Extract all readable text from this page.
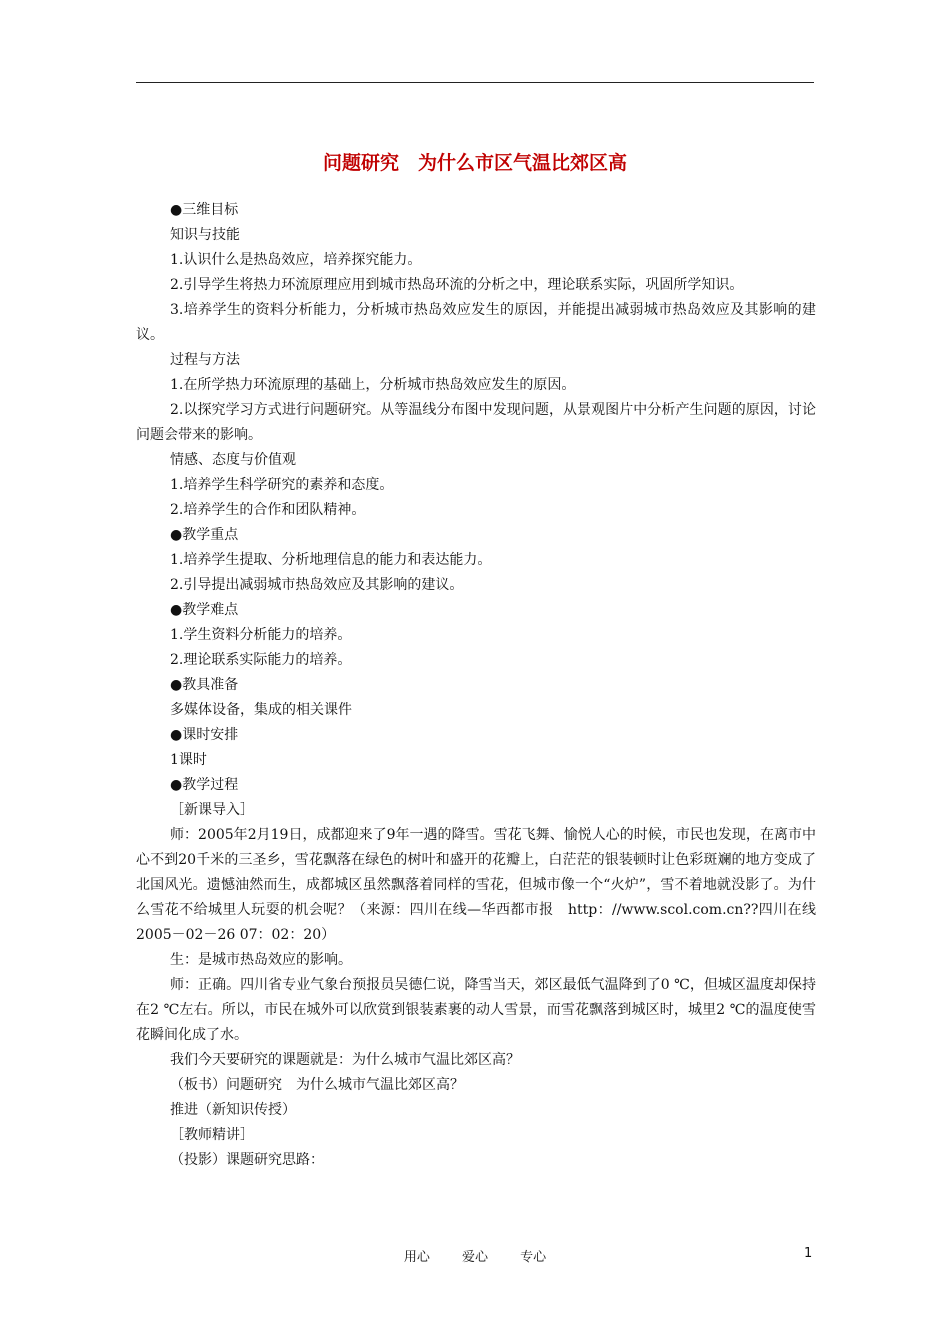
问题研究　为什么市区气温比郊区高

●三维目标

知识与技能

1.认识什么是热岛效应，培养探究能力。

2.引导学生将热力环流原理应用到城市热岛环流的分析之中，理论联系实际，巩固所学知识。

3.培养学生的资料分析能力，分析城市热岛效应发生的原因，并能提出减弱城市热岛效应及其影响的建议。

过程与方法

1.在所学热力环流原理的基础上，分析城市热岛效应发生的原因。

2.以探究学习方式进行问题研究。从等温线分布图中发现问题，从景观图片中分析产生问题的原因，讨论问题会带来的影响。

情感、态度与价值观

1.培养学生科学研究的素养和态度。

2.培养学生的合作和团队精神。

●教学重点

1.培养学生提取、分析地理信息的能力和表达能力。

2.引导提出减弱城市热岛效应及其影响的建议。

●教学难点

1.学生资料分析能力的培养。

2.理论联系实际能力的培养。

●教具准备

多媒体设备，集成的相关课件

●课时安排

1课时

●教学过程

［新课导入］

师：2005年2月19日，成都迎来了9年一遇的降雪。雪花飞舞、愉悦人心的时候，市民也发现，在离市中心不到20千米的三圣乡，雪花飘落在绿色的树叶和盛开的花瓣上，白茫茫的银装顿时让色彩斑斓的地方变成了北国风光。遗憾油然而生，成都城区虽然飘落着同样的雪花，但城市像一个“火炉”，雪不着地就没影了。为什么雪花不给城里人玩耍的机会呢？（来源：四川在线—华西都市报　http：//www.scol.com.cn??四川在线2005－02－26 07：02：20）

生：是城市热岛效应的影响。

师：正确。四川省专业气象台预报员吴德仁说，降雪当天，郊区最低气温降到了0 ℃，但城区温度却保持在2 ℃左右。所以，市民在城外可以欣赏到银装素裹的动人雪景，而雪花飘落到城区时，城里2 ℃的温度使雪花瞬间化成了水。

我们今天要研究的课题就是：为什么城市气温比郊区高？

（板书）问题研究　为什么城市气温比郊区高？

推进（新知识传授）

［教师精讲］

（投影）课题研究思路：

用心 爱心 专心	1
